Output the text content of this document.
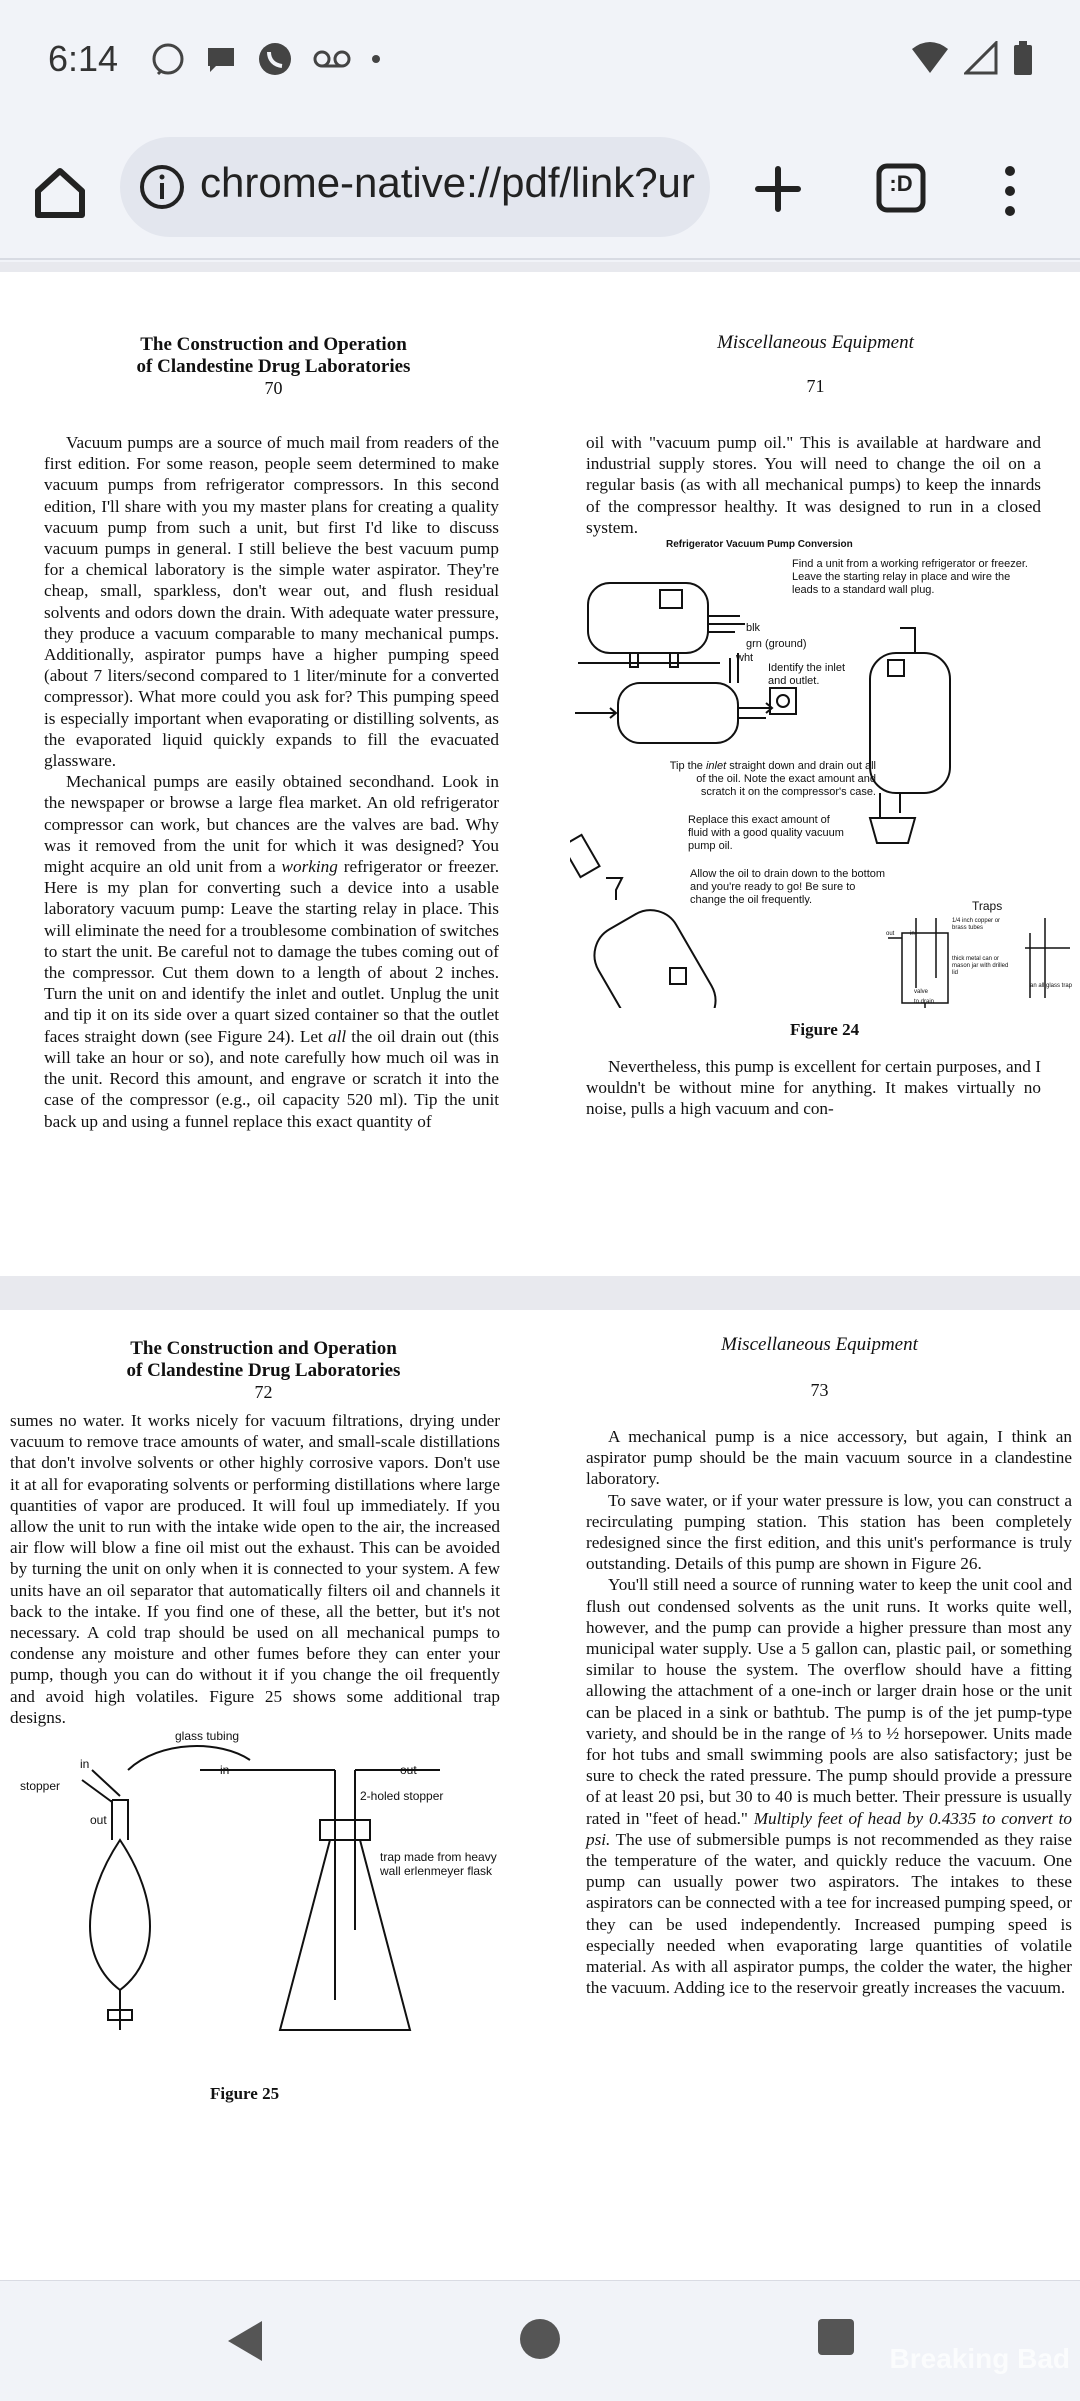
6:14
chrome-native://pdf/link?ur	:D
The Construction and Operation
of Clandestine Drug Laboratories
70

Vacuum pumps are a source of much mail from readers of the first edition. For some reason, people seem determined to make vacuum pumps from refrigerator compressors. In this second edition, I'll share with you my master plans for creating a quality vacuum pump from such a unit, but first I'd like to discuss vacuum pumps in general. I still believe the best vacuum pump for a chemical laboratory is the simple water aspirator. They're cheap, small, sparkless, don't wear out, and flush residual solvents and odors down the drain. With adequate water pressure, they produce a vacuum comparable to many mechanical pumps. Additionally, aspirator pumps have a higher pumping speed (about 7 liters/second compared to 1 liter/minute for a converted compressor). What more could you ask for? This pumping speed is especially important when evaporating or distilling solvents, as the evaporated liquid quickly expands to fill the evacuated glassware.

Mechanical pumps are easily obtained secondhand. Look in the newspaper or browse a large flea market. An old refrigerator compressor can work, but chances are the valves are bad. Why was it removed from the unit for which it was designed? You might acquire an old unit from a working refrigerator or freezer. Here is my plan for converting such a device into a usable laboratory vacuum pump: Leave the starting relay in place. This will eliminate the need for a troublesome combination of switches to start the unit. Be careful not to damage the tubes coming out of the compressor. Cut them down to a length of about 2 inches. Turn the unit on and identify the inlet and outlet. Unplug the unit and tip it on its side over a quart sized container so that the outlet faces straight down (see Figure 24). Let all the oil drain out (this will take an hour or so), and note carefully how much oil was in the unit. Record this amount, and engrave or scratch it into the case of the compressor (e.g., oil capacity 520 ml). Tip the unit back up and using a funnel replace this exact quantity of

Miscellaneous Equipment
71

oil with "vacuum pump oil." This is available at hardware and industrial supply stores. You will need to change the oil on a regular basis (as with all mechanical pumps) to keep the innards of the compressor healthy. It was designed to run in a closed system.

Refrigerator Vacuum Pump Conversion
Find a unit from a working refrigerator or freezer. Leave the starting relay in place and wire the leads to a standard wall plug.
blk
grn (ground)
wht
Identify the inlet and outlet.
Tip the inlet straight down and drain out all of the oil. Note the exact amount and scratch it on the compressor's case.
Replace this exact amount of fluid with a good quality vacuum pump oil.
Allow the oil to drain down to the bottom and you're ready to go! Be sure to change the oil frequently.	Traps
1/4 inch copper or brass tubes
thick metal can or mason jar with drilled lid
valve
to drain
an all glass trap
out	in
Figure 24

Nevertheless, this pump is excellent for certain purposes, and I wouldn't be without mine for anything. It makes virtually no noise, pulls a high vacuum and con-

The Construction and Operation
of Clandestine Drug Laboratories
72

sumes no water. It works nicely for vacuum filtrations, drying under vacuum to remove trace amounts of water, and small-scale distillations that don't involve solvents or other highly corrosive vapors. Don't use it at all for evaporating solvents or performing distillations where large quantities of vapor are produced. It will foul up immediately. If you allow the unit to run with the intake wide open to the air, the increased air flow will blow a fine oil mist out the exhaust. This can be avoided by turning the unit on only when it is connected to your system. A few units have an oil separator that automatically filters oil and channels it back to the intake. If you find one of these, all the better, but it's not necessary. A cold trap should be used on all mechanical pumps to condense any moisture and other fumes before they can enter your pump, though you can do without it if you change the oil frequently and avoid high volatiles. Figure 25 shows some additional trap designs.

glass tubing
in	in
stopper
out
out
2-holed stopper
trap made from heavy wall erlenmeyer flask
Figure 25
Miscellaneous Equipment
73

A mechanical pump is a nice accessory, but again, I think an aspirator pump should be the main vacuum source in a clandestine laboratory.

To save water, or if your water pressure is low, you can construct a recirculating pumping station. This station has been completely redesigned since the first edition, and this unit's performance is truly outstanding. Details of this pump are shown in Figure 26.

You'll still need a source of running water to keep the unit cool and flush out condensed solvents as the unit runs. It works quite well, however, and the pump can provide a higher pressure than most any municipal water supply. Use a 5 gallon can, plastic pail, or something similar to house the system. The overflow should have a fitting allowing the attachment of a one-inch or larger drain hose or the unit can be placed in a sink or bathtub. The pump is of the jet pump-type variety, and should be in the range of ⅓ to ½ horsepower. Units made for hot tubs and small swimming pools are also satisfactory; just be sure to check the rated pressure. The pump should provide a pressure of at least 20 psi, but 30 to 40 is much better. Their pressure is usually rated in "feet of head." Multiply feet of head by 0.4335 to convert to psi. The use of submersible pumps is not recommended as they raise the temperature of the water, and quickly reduce the vacuum. One pump can usually power two aspirators. The intakes to these aspirators can be connected with a tee for increased pumping speed, or they can be used independently. Increased pumping speed is especially needed when evaporating large quantities of volatile material. As with all aspirator pumps, the colder the water, the higher the vacuum. Adding ice to the reservoir greatly increases the vacuum.

Breaking Bad
